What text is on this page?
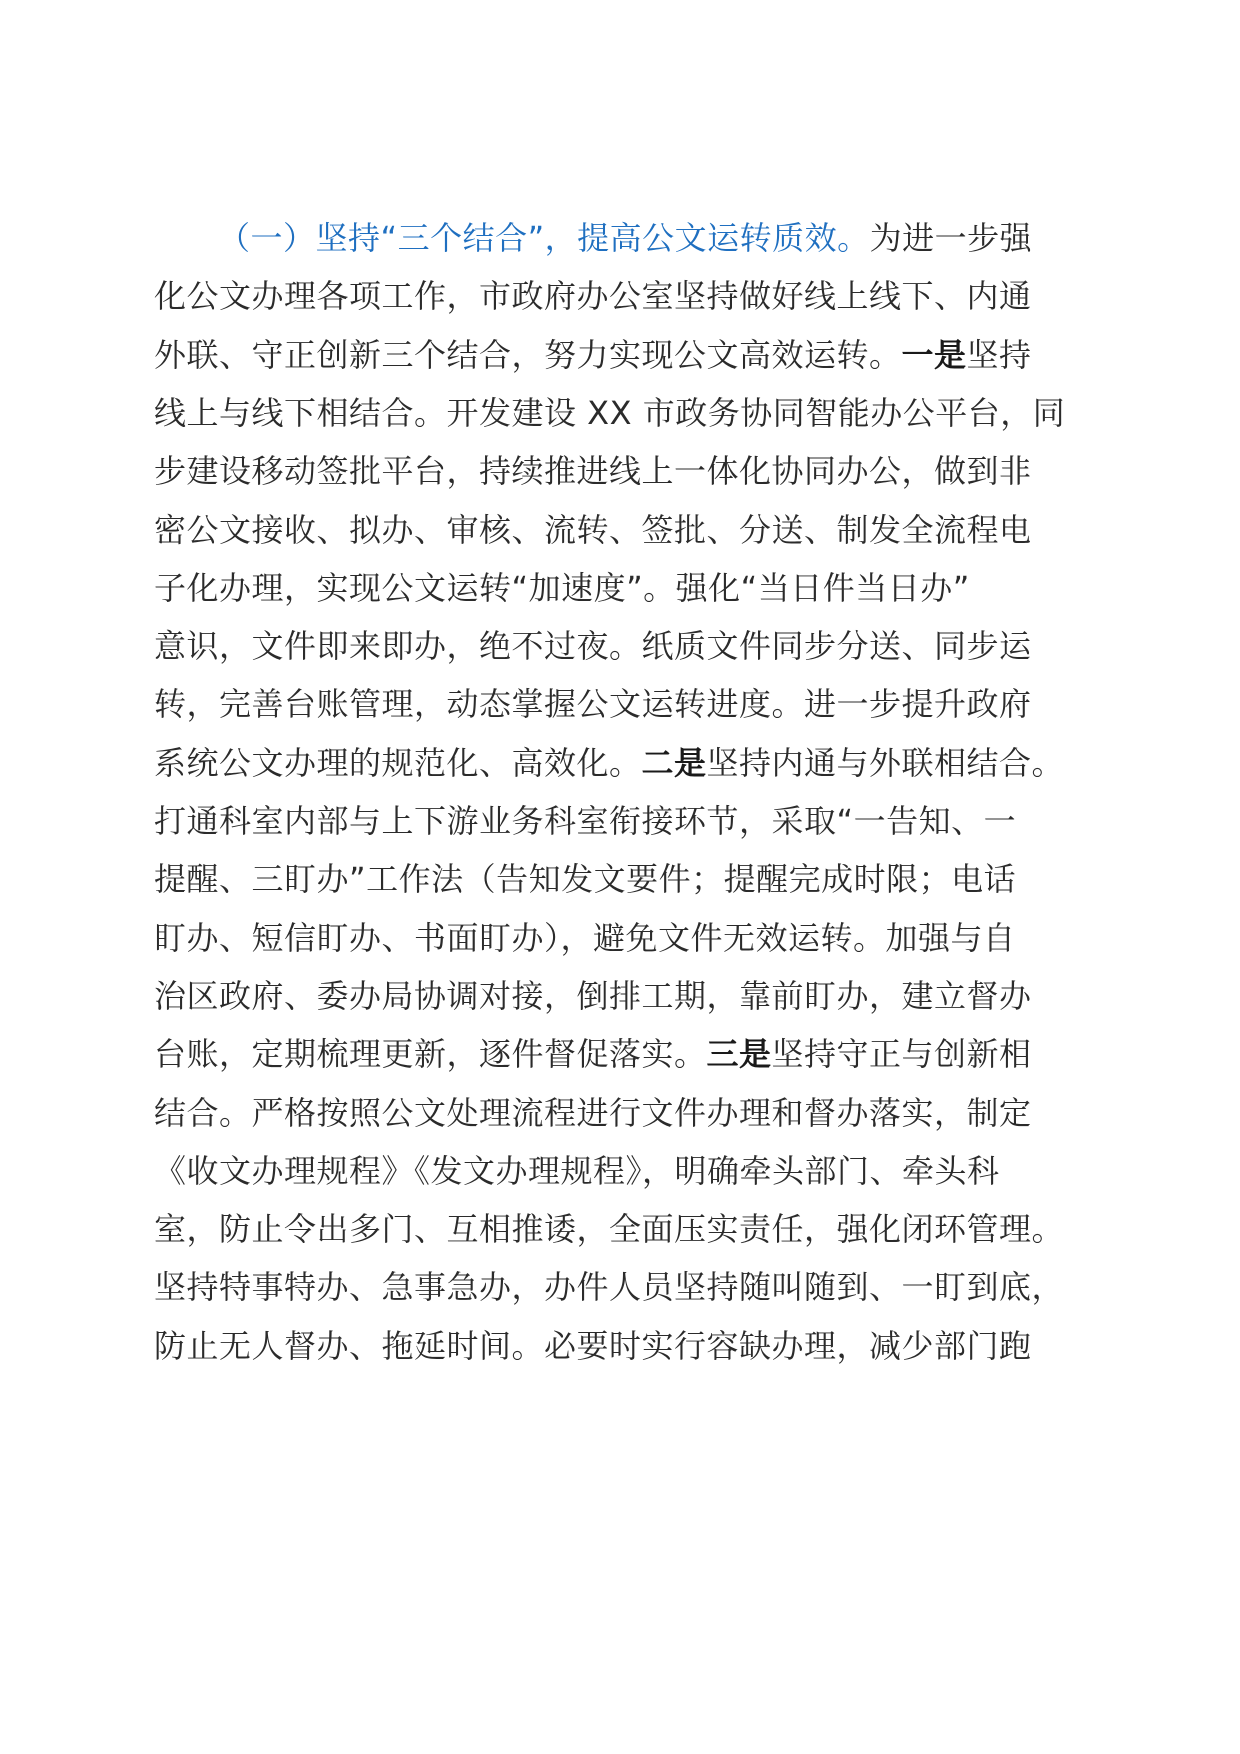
（一）坚持“三个结合”，提高公文运转质效。为进一步强
化公文办理各项工作，市政府办公室坚持做好线上线下、内通
外联、守正创新三个结合，努力实现公文高效运转。一是坚持
线上与线下相结合。开发建设 XX 市政务协同智能办公平台，同
步建设移动签批平台，持续推进线上一体化协同办公，做到非
密公文接收、拟办、审核、流转、签批、分送、制发全流程电
子化办理，实现公文运转“加速度”。强化“当日件当日办”
意识，文件即来即办，绝不过夜。纸质文件同步分送、同步运
转，完善台账管理，动态掌握公文运转进度。进一步提升政府
系统公文办理的规范化、高效化。二是坚持内通与外联相结合。
打通科室内部与上下游业务科室衔接环节，采取“一告知、一
提醒、三盯办”工作法（告知发文要件；提醒完成时限；电话
盯办、短信盯办、书面盯办），避免文件无效运转。加强与自
治区政府、委办局协调对接，倒排工期，靠前盯办，建立督办
台账，定期梳理更新，逐件督促落实。三是坚持守正与创新相
结合。严格按照公文处理流程进行文件办理和督办落实，制定
《收文办理规程》《发文办理规程》，明确牵头部门、牵头科
室，防止令出多门、互相推诿，全面压实责任，强化闭环管理。
坚持特事特办、急事急办，办件人员坚持随叫随到、一盯到底，
防止无人督办、拖延时间。必要时实行容缺办理，减少部门跑
